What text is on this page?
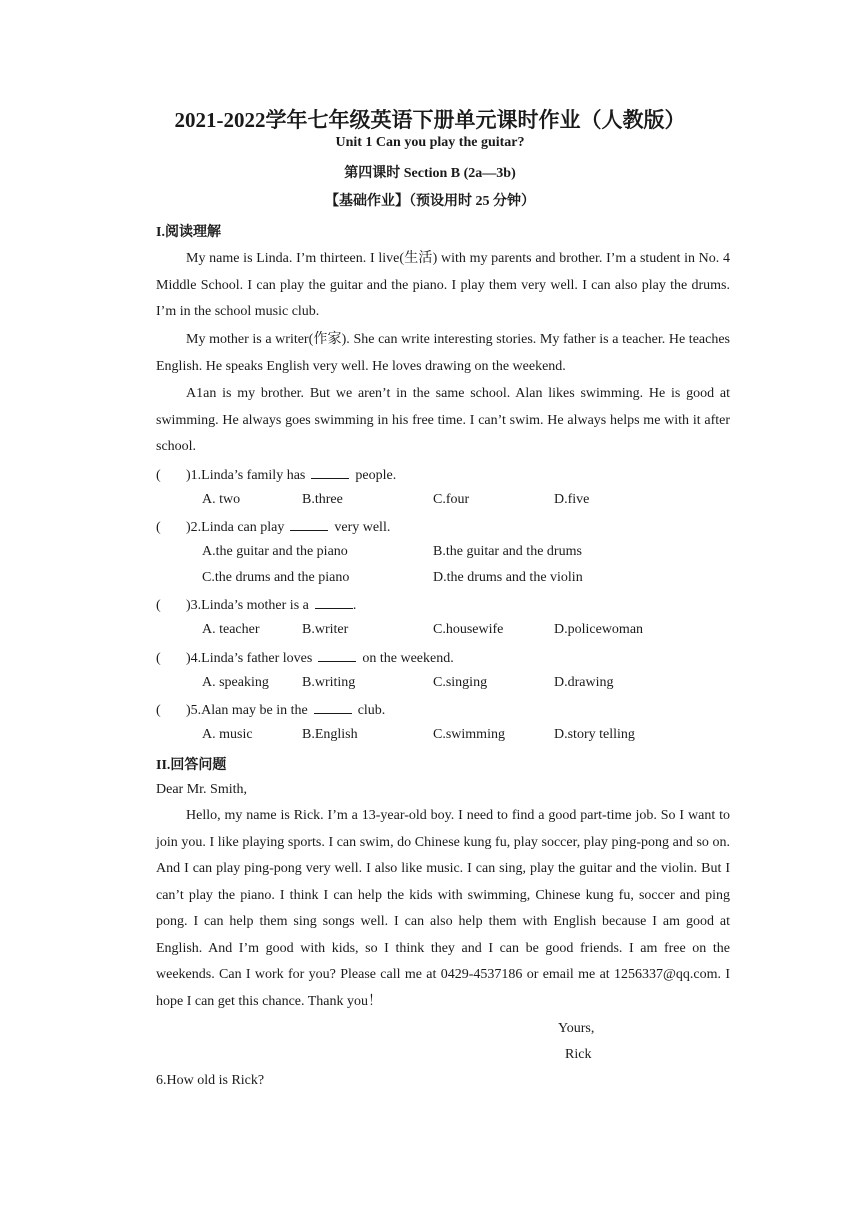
2021-2022学年七年级英语下册单元课时作业（人教版）
Unit 1 Can you play the guitar?
第四课时 Section B (2a—3b)
【基础作业】（预设用时 25 分钟）
I.阅读理解

My name is Linda. I’m thirteen. I live(生活) with my parents and brother. I’m a student in No. 4 Middle School. I can play the guitar and the piano. I play them very well. I can also play the drums. I’m in the school music club.

My mother is a writer(作家). She can write interesting stories. My father is a teacher. He teaches English. He speaks English very well. He loves drawing on the weekend.

A1an is my brother. But we aren’t in the same school. Alan likes swimming. He is good at swimming. He always goes swimming in his free time. I can’t swim. He always helps me with it after school.

( )1.Linda’s family has	people.
A. two	B.three	C.four	D.five
( )2.Linda can play	very well.
A.the guitar and the piano	B.the guitar and the drums
C.the drums and the piano	D.the drums and the violin
( )3.Linda’s mother is a	.
A. teacher	B.writer	C.housewife	D.policewoman
( )4.Linda’s father loves	on the weekend.
A. speaking B.writing	C.singing	D.drawing
( )5.Alan may be in the	club.
A. music	B.English	C.swimming	D.story telling
II.回答问题
Dear Mr. Smith,

Hello, my name is Rick. I’m a 13-year-old boy. I need to find a good part-time job. So I want to join you. I like playing sports. I can swim, do Chinese kung fu, play soccer, play ping-pong and so on. And I can play ping-pong very well. I also like music. I can sing, play the guitar and the violin. But I can’t play the piano. I think I can help the kids with swimming, Chinese kung fu, soccer and ping pong. I can help them sing songs well. I can also help them with English because I am good at English. And I’m good with kids, so I think they and I can be good friends. I am free on the weekends. Can I work for you? Please call me at 0429-4537186 or email me at 1256337@qq.com. I hope I can get this chance. Thank you！

Yours,
Rick
6.How old is Rick?
